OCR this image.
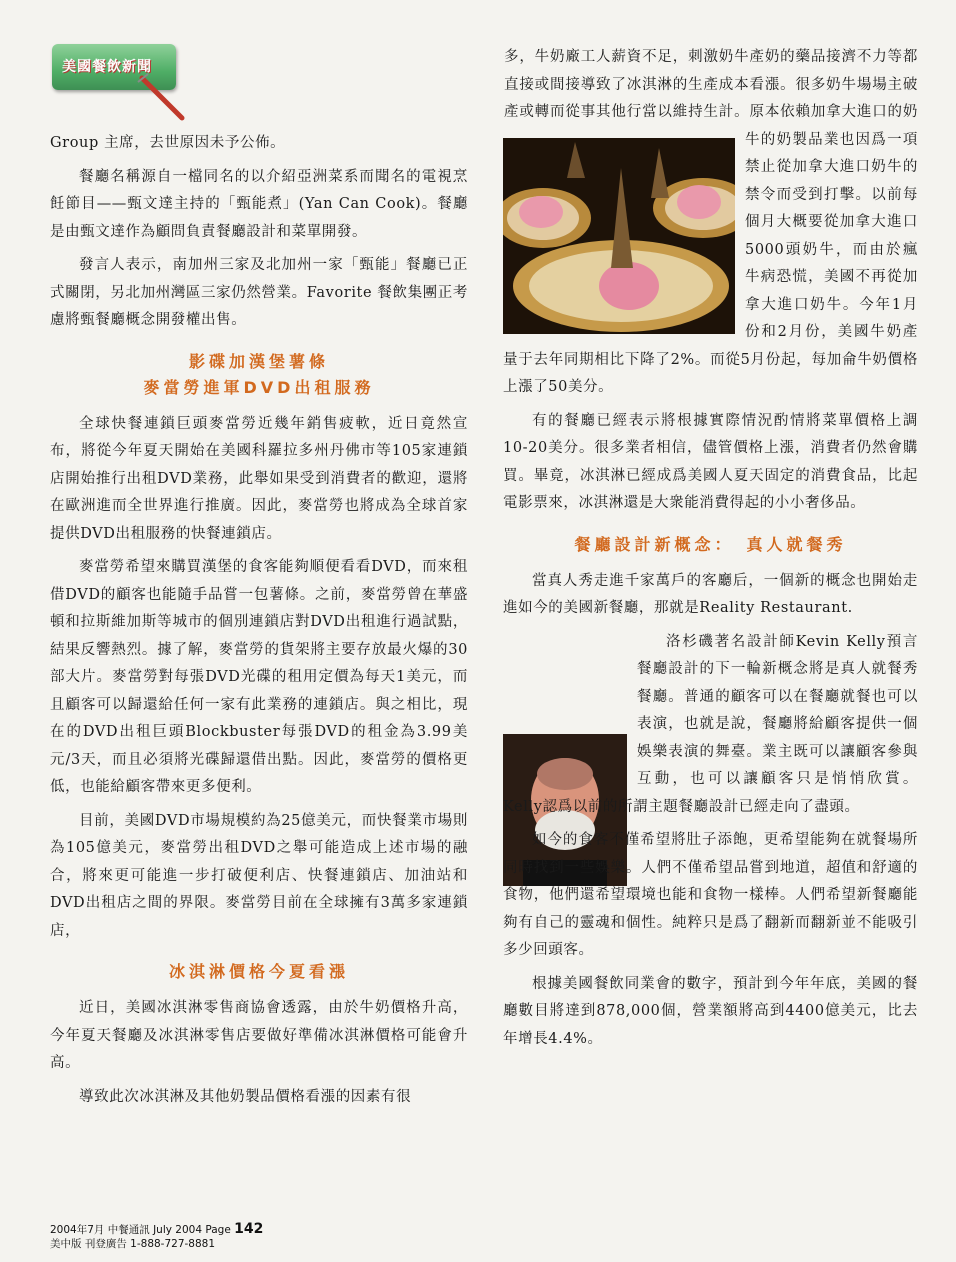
美國餐飲新聞

Group 主席，去世原因未予公佈。

餐廳名稱源自一檔同名的以介紹亞洲菜系而聞名的電視烹飪節目——甄文達主持的「甄能煮」(Yan Can Cook)。餐廳是由甄文達作為顧問負責餐廳設計和菜單開發。

發言人表示，南加州三家及北加州一家「甄能」餐廳已正式關閉，另北加州灣區三家仍然營業。Favorite 餐飲集團正考慮將甄餐廳概念開發權出售。

影碟加漢堡薯條
麥當勞進軍DVD出租服務

全球快餐連鎖巨頭麥當勞近幾年銷售疲軟，近日竟然宣布，將從今年夏天開始在美國科羅拉多州丹佛市等105家連鎖店開始推行出租DVD業務，此舉如果受到消費者的歡迎，還將在歐洲進而全世界進行推廣。因此，麥當勞也將成為全球首家提供DVD出租服務的快餐連鎖店。

麥當勞希望來購買漢堡的食客能夠順便看看DVD，而來租借DVD的顧客也能隨手品嘗一包薯條。之前，麥當勞曾在華盛頓和拉斯維加斯等城市的個別連鎖店對DVD出租進行過試點，結果反響熱烈。據了解，麥當勞的貨架將主要存放最火爆的30部大片。麥當勞對每張DVD光碟的租用定價為每天1美元，而且顧客可以歸還給任何一家有此業務的連鎖店。與之相比，現在的DVD出租巨頭Blockbuster每張DVD的租金為3.99美元/3天，而且必須將光碟歸還借出點。因此，麥當勞的價格更低，也能給顧客帶來更多便利。

目前，美國DVD市場規模約為25億美元，而快餐業市場則為105億美元，麥當勞出租DVD之舉可能造成上述市場的融合，將來更可能進一步打破便利店、快餐連鎖店、加油站和DVD出租店之間的界限。麥當勞目前在全球擁有3萬多家連鎖店，

冰淇淋價格今夏看漲

近日，美國冰淇淋零售商協會透露，由於牛奶價格升高，今年夏天餐廳及冰淇淋零售店要做好準備冰淇淋價格可能會升高。

導致此次冰淇淋及其他奶製品價格看漲的因素有很

多，牛奶廠工人薪資不足，刺激奶牛產奶的藥品接濟不力等都直接或間接導致了冰淇淋的生產成本看漲。很多奶牛場場主破產或轉而從事其他行當以維持生計。原本依賴加拿大進口的奶牛的奶製品業也因爲一項禁止從加拿大進口奶牛的禁令而受到打擊。以前每個月大概要從加拿大進口5000頭奶牛，而由於瘋牛病恐慌，美國不再從加拿大進口奶牛。今年1月份和2月份，美國牛奶產量于去年同期相比下降了2%。而從5月份起，每加侖牛奶價格上漲了50美分。

有的餐廳已經表示將根據實際情況酌情將菜單價格上調10-20美分。很多業者相信，儘管價格上漲，消費者仍然會購買。畢竟，冰淇淋已經成爲美國人夏天固定的消費食品，比起電影票來，冰淇淋還是大衆能消費得起的小小奢侈品。

餐廳設計新概念：　真人就餐秀

當真人秀走進千家萬戶的客廳后，一個新的概念也開始走進如今的美國新餐廳，那就是Reality Restaurant.

洛杉磯著名設計師Kevin Kelly預言餐廳設計的下一輪新概念將是真人就餐秀餐廳。普通的顧客可以在餐廳就餐也可以表演，也就是說，餐廳將給顧客提供一個娛樂表演的舞臺。業主既可以讓顧客參與互動，也可以讓顧客只是悄悄欣賞。Kelly認爲以前的所謂主題餐廳設計已經走向了盡頭。

如今的食客不僅希望將肚子添飽，更希望能夠在就餐場所同時找到一些娛樂。人們不僅希望品嘗到地道，超值和舒適的食物，他們還希望環境也能和食物一樣棒。人們希望新餐廳能夠有自己的靈魂和個性。純粹只是爲了翻新而翻新並不能吸引多少回頭客。

根據美國餐飲同業會的數字，預計到今年年底，美國的餐廳數目將達到878,000個，營業額將高到4400億美元，比去年增長4.4%。

2004年7月 中餐通訊 July 2004 Page 142
美中版 刊登廣告 1-888-727-8881
